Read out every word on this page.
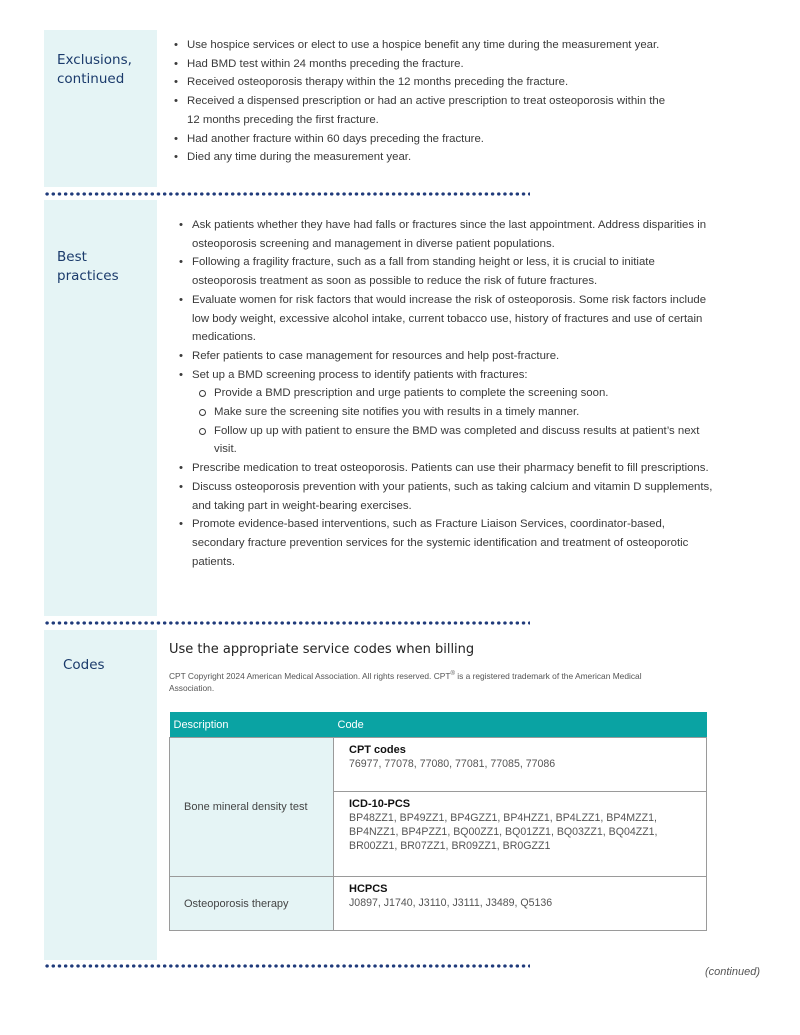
Exclusions, continued
• Use hospice services or elect to use a hospice benefit any time during the measurement year.
• Had BMD test within 24 months preceding the fracture.
• Received osteoporosis therapy within the 12 months preceding the fracture.
• Received a dispensed prescription or had an active prescription to treat osteoporosis within the 12 months preceding the first fracture.
• Had another fracture within 60 days preceding the fracture.
• Died any time during the measurement year.
Best practices
• Ask patients whether they have had falls or fractures since the last appointment. Address disparities in osteoporosis screening and management in diverse patient populations.
• Following a fragility fracture, such as a fall from standing height or less, it is crucial to initiate osteoporosis treatment as soon as possible to reduce the risk of future fractures.
• Evaluate women for risk factors that would increase the risk of osteoporosis. Some risk factors include low body weight, excessive alcohol intake, current tobacco use, history of fractures and use of certain medications.
• Refer patients to case management for resources and help post-fracture.
• Set up a BMD screening process to identify patients with fractures:
Provide a BMD prescription and urge patients to complete the screening soon.
Make sure the screening site notifies you with results in a timely manner.
Follow up up with patient to ensure the BMD was completed and discuss results at patient’s next visit.
• Prescribe medication to treat osteoporosis. Patients can use their pharmacy benefit to fill prescriptions.
• Discuss osteoporosis prevention with your patients, such as taking calcium and vitamin D supplements, and taking part in weight-bearing exercises.
• Promote evidence-based interventions, such as Fracture Liaison Services, coordinator-based, secondary fracture prevention services for the systemic identification and treatment of osteoporotic patients.
Codes
Use the appropriate service codes when billing
CPT Copyright 2024 American Medical Association. All rights reserved. CPT® is a registered trademark of the American Medical Association.
Description	Code
Bone mineral density test	CPT codes
76977, 77078, 77080, 77081, 77085, 77086

	ICD-10-PCS
BP48ZZ1, BP49ZZ1, BP4GZZ1, BP4HZZ1, BP4LZZ1, BP4MZZ1, BP4NZZ1, BP4PZZ1, BQ00ZZ1, BQ01ZZ1, BQ03ZZ1, BQ04ZZ1, BR00ZZ1, BR07ZZ1, BR09ZZ1, BR0GZZ1

Osteoporosis therapy	HCPCS
J0897, J1740, J3110, J3111, J3489, Q5136
(continued)
